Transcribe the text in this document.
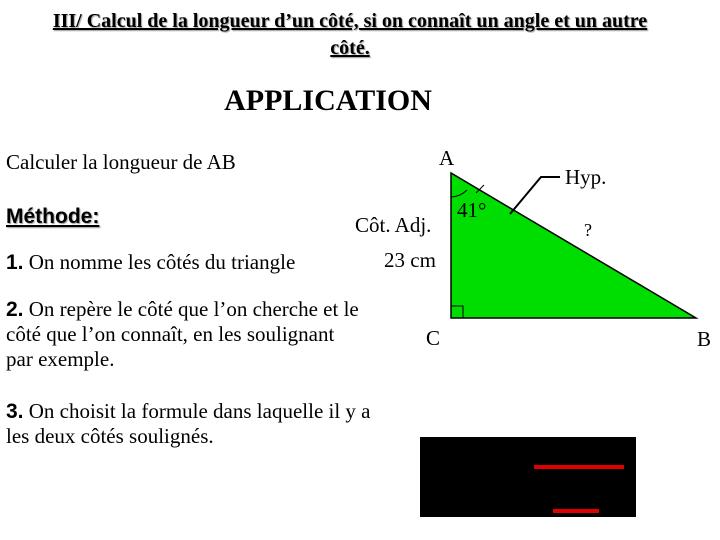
III/ Calcul de la longueur d’un côté, si on connaît un angle et un autre côté.
APPLICATION
Calculer la longueur de AB
Méthode:
1. On nomme les côtés du triangle
2. On repère le côté que l’on cherche et le côté que l’on connaît, en les soulignant par exemple.
3. On choisit la formule dans laquelle il y a les deux côtés soulignés.
A
C	B
41°
Côt. Adj.
23 cm
Hyp.
?
